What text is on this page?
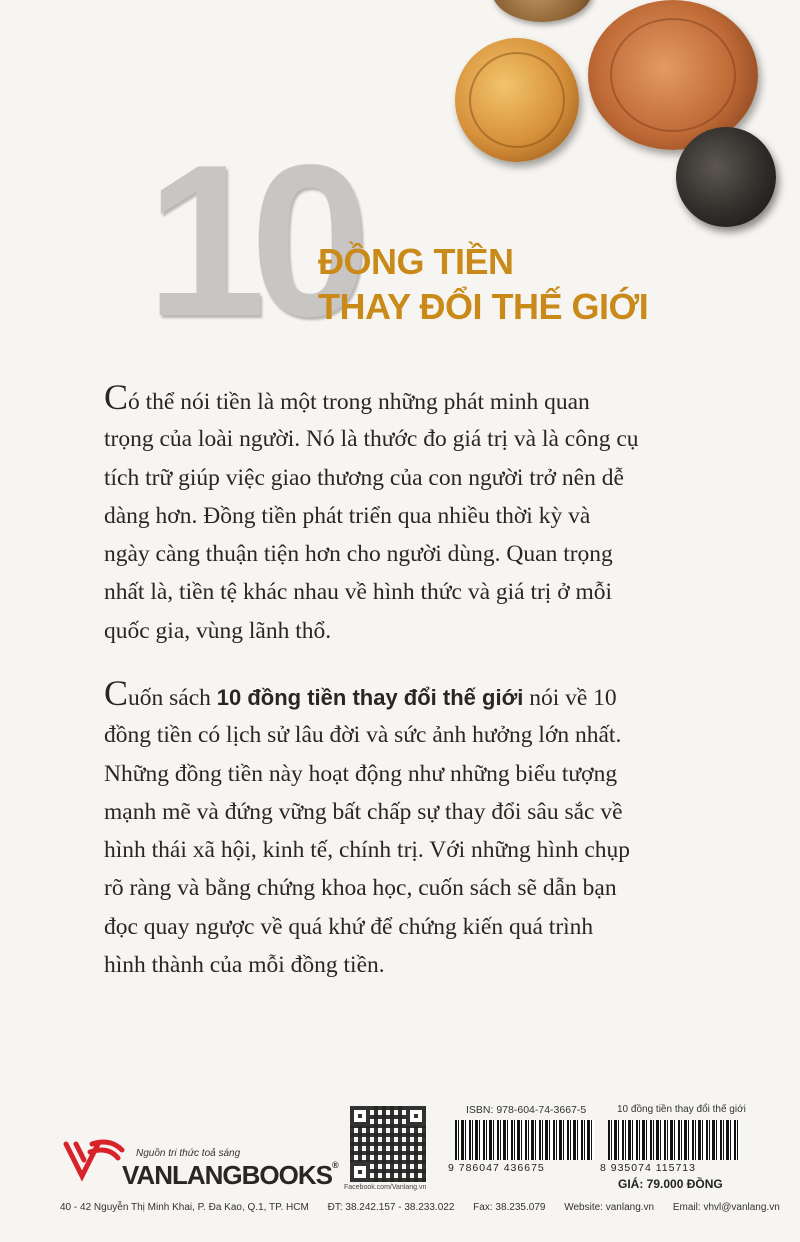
10
ĐỒNG TIỀN
THAY ĐỔI THẾ GIỚI

Có thể nói tiền là một trong những phát minh quan

trọng của loài người. Nó là thước đo giá trị và là công cụ

tích trữ giúp việc giao thương của con người trở nên dễ

dàng hơn. Đồng tiền phát triển qua nhiều thời kỳ và

ngày càng thuận tiện hơn cho người dùng. Quan trọng

nhất là, tiền tệ khác nhau về hình thức và giá trị ở mỗi

quốc gia, vùng lãnh thổ.

Cuốn sách 10 đồng tiền thay đổi thế giới nói về 10

đồng tiền có lịch sử lâu đời và sức ảnh hưởng lớn nhất.

Những đồng tiền này hoạt động như những biểu tượng

mạnh mẽ và đứng vững bất chấp sự thay đổi sâu sắc về

hình thái xã hội, kinh tế, chính trị. Với những hình chụp

rõ ràng và bằng chứng khoa học, cuốn sách sẽ dẫn bạn

đọc quay ngược về quá khứ để chứng kiến quá trình

hình thành của mỗi đồng tiền.

Nguồn tri thức toả sáng
VANLANGBOOKS®
Facebook.com/Vanlang.vn
ISBN: 978-604-74-3667-5
9 786047 436675
10 đồng tiền thay đổi thế giới
8 935074 115713
GIÁ: 79.000 ĐỒNG
40 - 42 Nguyễn Thị Minh Khai, P. Đa Kao, Q.1, TP. HCM ĐT: 38.242.157 - 38.233.022 Fax: 38.235.079 Website: vanlang.vn Email: vhvl@vanlang.vn
